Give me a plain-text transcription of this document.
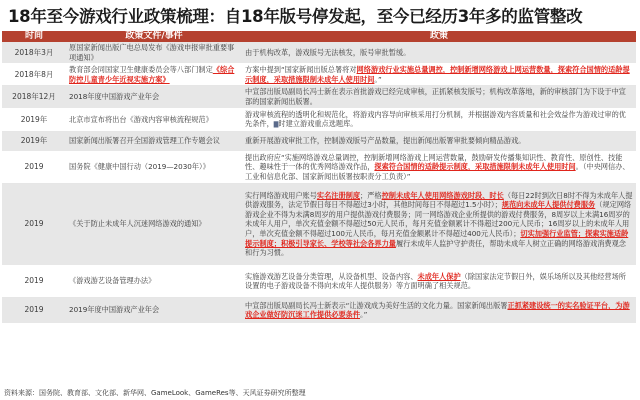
18年至今游戏行业政策梳理：自18年版号停发起，至今已经历3年多的监管整改
时间	政策文件/事件	政策
2018年3月	原国家新闻出版广电总局发布《游戏申报审批重要事项通知》	由于机构改革，游戏版号无法核发，版号审批暂缓。
2018年8月	教育部会同国家卫生健康委员会等八部门制定《综合防控儿童青少年近视实施方案》	方案中提到“国家新闻出版总署将对网络游戏行业实施总量调控，控制新增网络游戏上网运营数量，探索符合国情的适龄提示制度，采取措施限制未成年人使用时间。”
2018年12月	2018年度中国游戏产业年会	中宣部出版局副局长冯士新在表示首批游戏已经完成审核，正抓紧核发版号；机构改革落地，新的审核部门为下设于中宣部的国家新闻出版署。
2019年	北京市宣布将出台《游戏内容审核流程规范》	游戏审核流程的透明化和规范化，将游戏内容导向审核采用打分机制，并根据游戏内容质量和社会效益作为游戏过审的优先条件，▇时建立游戏重点选题库。
2019年	国家新闻出版署召开全国游戏管理工作专题会议	重新开展游戏审批工作，控制游戏版号产品数量，提出新闻出版署审批要倾向精品游戏。
2019	国务院《健康中国行动（2019—2030年）》	提出政府应“实施网络游戏总量调控，控制新增网络游戏上网运营数量，鼓励研发传播集知识性、教育性、原创性、技能性、趣味性于一体的优秀网络游戏作品，探索符合国情的适龄提示制度，采取措施限制未成年人使用时间。（中央网信办、工业和信息化部、国家新闻出版署按职责分工负责）”
2019	《关于防止未成年人沉迷网络游戏的通知》	实行网络游戏用户账号实名注册制度；严格控制未成年人使用网络游戏时段、时长（每日22时到次日8时不得为未成年人提供游戏服务，法定节假日每日不得超过3小时，其他时间每日不得超过1.5小时）；规范向未成年人提供付费服务（规定网络游戏企业不得为未满8周岁的用户提供游戏付费服务；同一网络游戏企业所提供的游戏付费服务，8周岁以上未满16周岁的未成年人用户，单次充值金额不得超过50元人民币，每月充值金额累计不得超过200元人民币；16周岁以上的未成年人用户，单次充值金额不得超过100元人民币，每月充值金额累计不得超过400元人民币）；切实加强行业监管；探索实施适龄提示制度；积极引导家长、学校等社会各界力量履行未成年人监护守护责任，帮助未成年人树立正确的网络游戏消费观念和行为习惯。
2019	《游戏游艺设备管理办法》	实施游戏游艺设备分类管理，从设备机型、设备内容、未成年人保护（除国家法定节假日外，娱乐场所以及其他经营场所设置的电子游戏设备不得向未成年人提供服务）等方面明确了相关规范。
2019	2019年度中国游戏产业年会	中宣部出版局副局长冯士新表示“让游戏成为美好生活的文化力量。国家新闻出版署正抓紧建设统一的实名验证平台，为游戏企业做好防沉迷工作提供必要条件。”
资料来源：国务院、教育部、文化部、新华网、GameLook、GameRes等、天风证券研究所整理
